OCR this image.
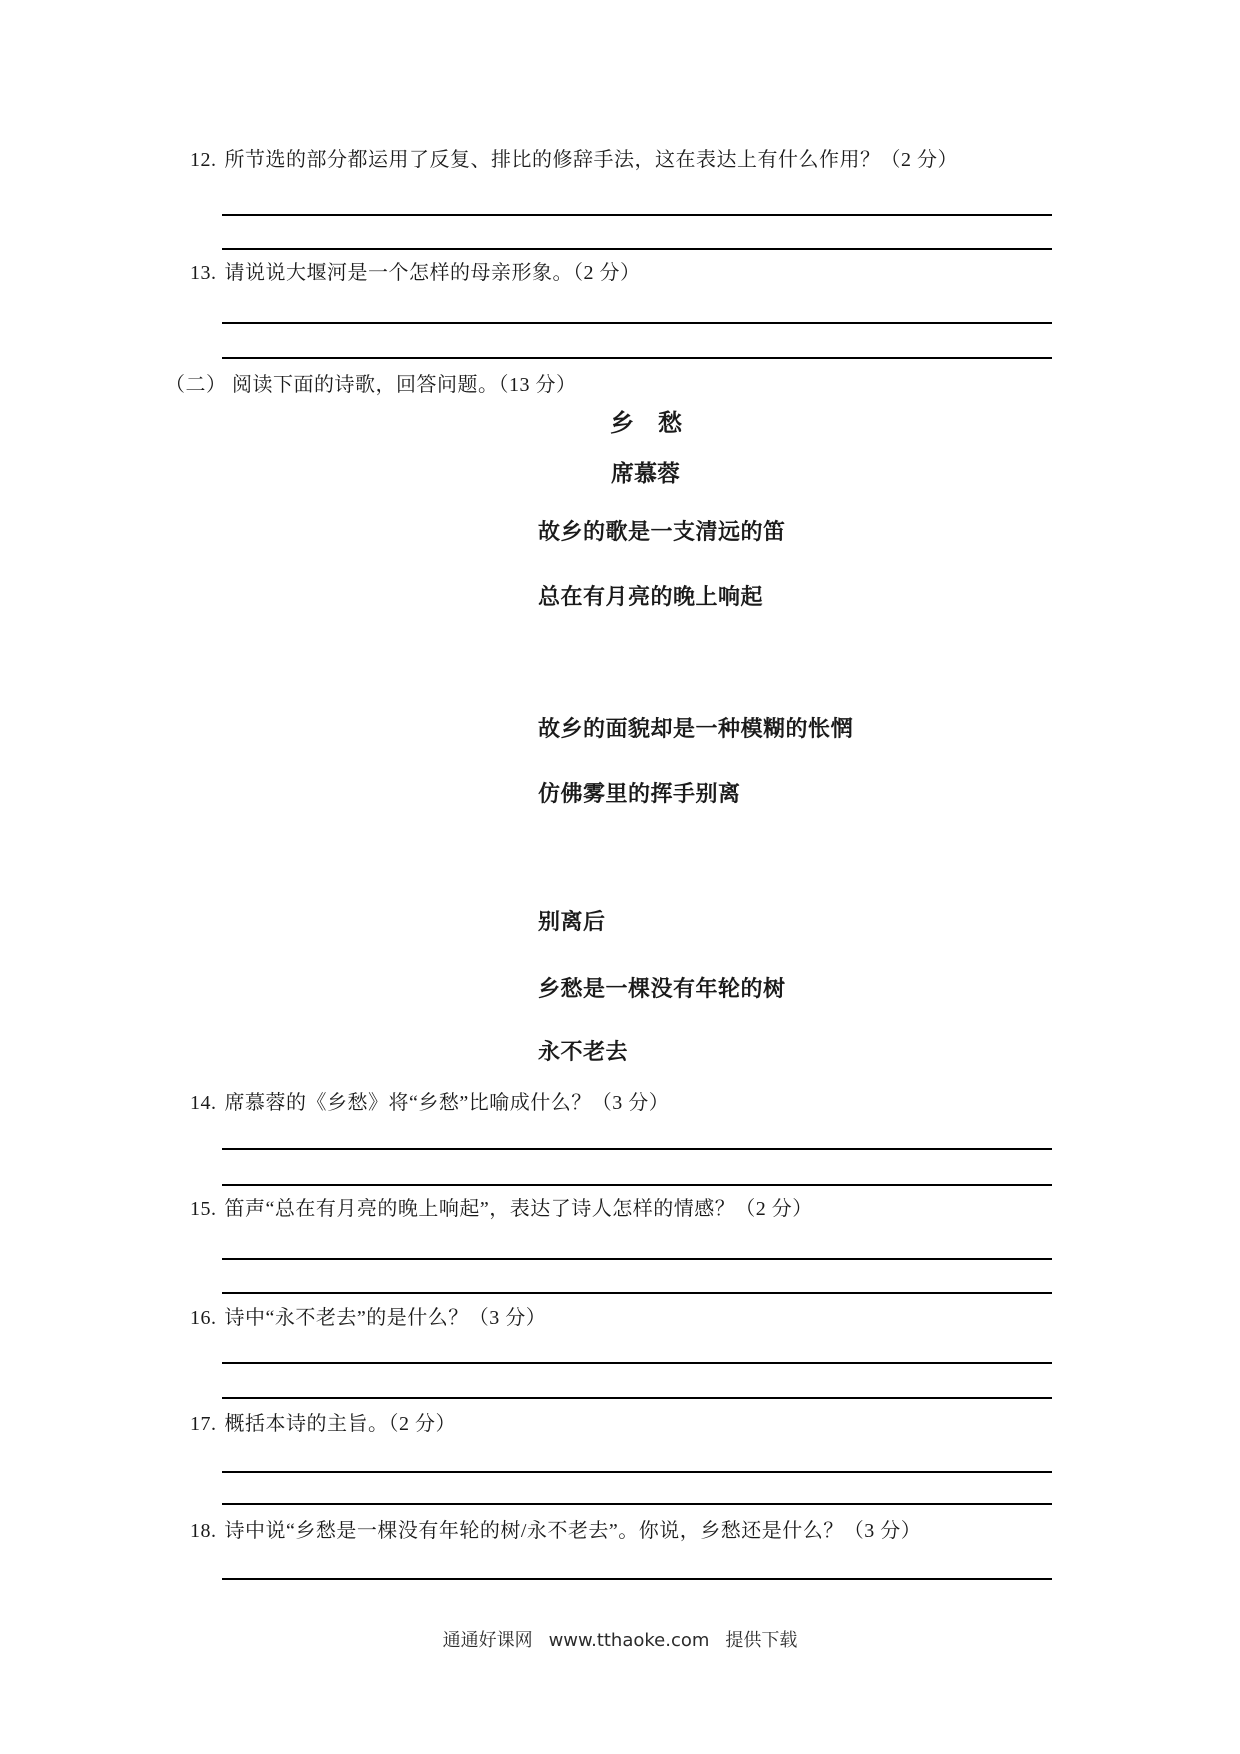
12. 所节选的部分都运用了反复、排比的修辞手法，这在表达上有什么作用？（2 分）
13. 请说说大堰河是一个怎样的母亲形象。（2 分）
（二） 阅读下面的诗歌，回答问题。（13 分）
乡　愁
席慕蓉
故乡的歌是一支清远的笛
总在有月亮的晚上响起
故乡的面貌却是一种模糊的怅惘
仿佛雾里的挥手别离
别离后
乡愁是一棵没有年轮的树
永不老去
14. 席慕蓉的《乡愁》将“乡愁”比喻成什么？（3 分）
15. 笛声“总在有月亮的晚上响起”，表达了诗人怎样的情感？（2 分）
16. 诗中“永不老去”的是什么？（3 分）
17. 概括本诗的主旨。（2 分）
18. 诗中说“乡愁是一棵没有年轮的树/永不老去”。你说，乡愁还是什么？（3 分）
通通好课网 www.tthaoke.com 提供下载
